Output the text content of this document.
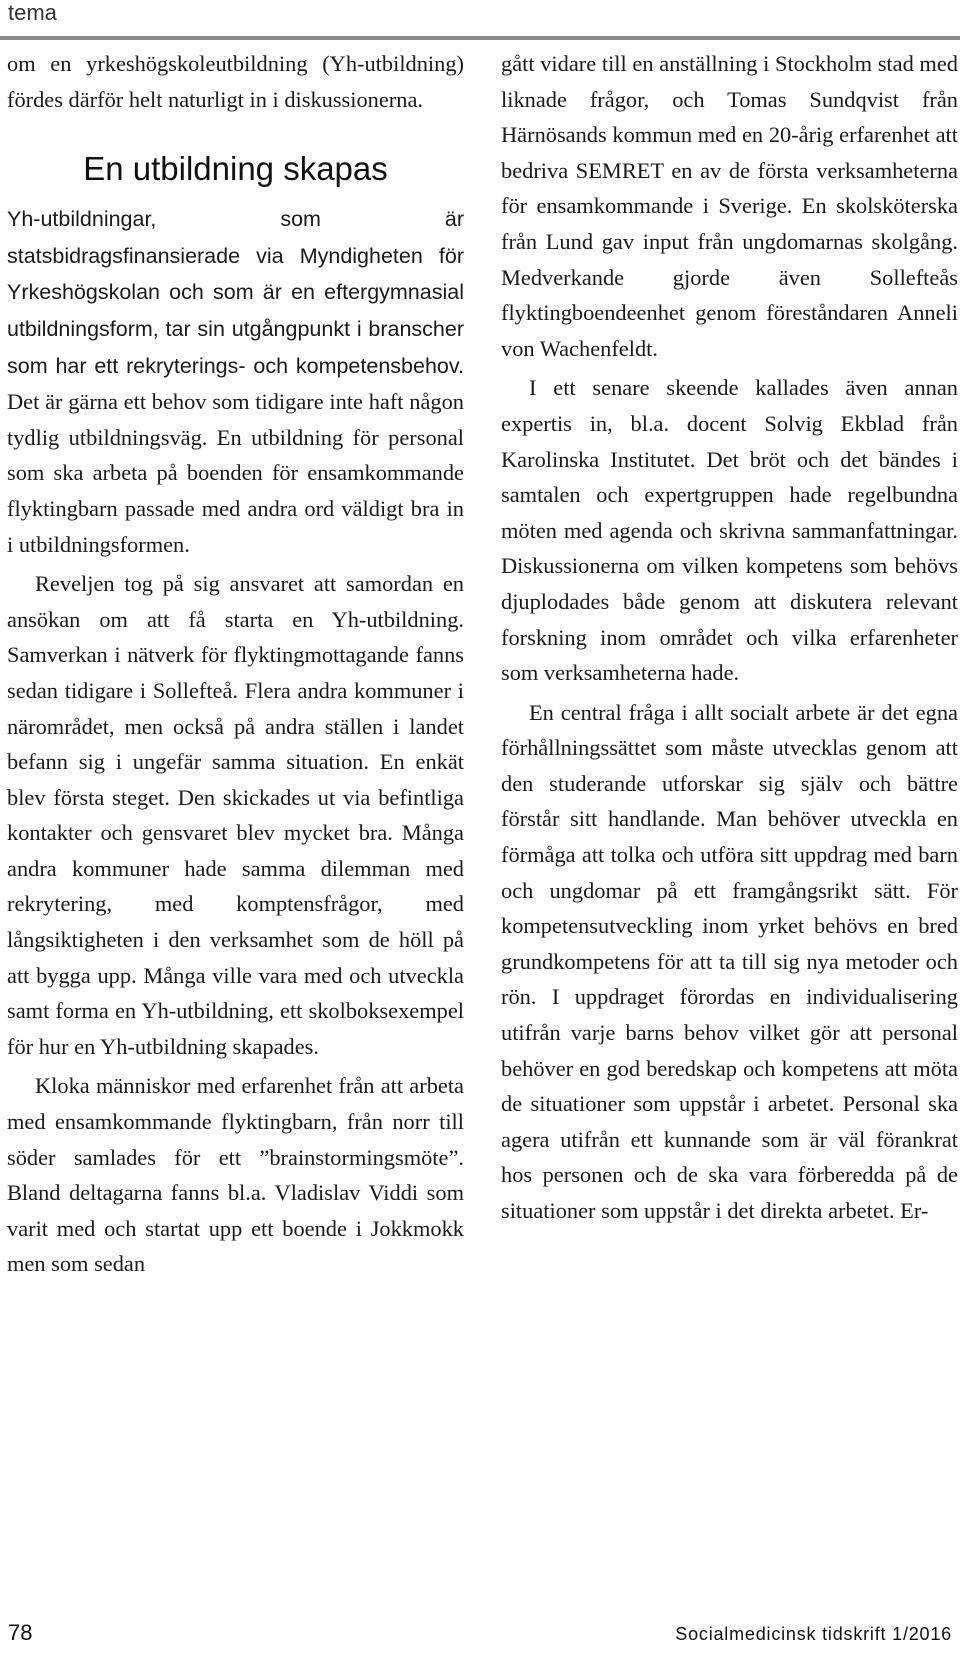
tema

om en yrkeshögskoleutbildning (Yh-utbildning) fördes därför helt naturligt in i diskussionerna.

En utbildning skapas

Yh-utbildningar, som är statsbidragsfinansierade via Myndigheten för Yrkeshögskolan och som är en eftergymnasial utbildningsform, tar sin utgångpunkt i branscher som har ett rekryterings- och kompetensbehov. Det är gärna ett behov som tidigare inte haft någon tydlig utbildningsväg. En utbildning för personal som ska arbeta på boenden för ensamkommande flyktingbarn passade med andra ord väldigt bra in i utbildningsformen.

Reveljen tog på sig ansvaret att samordan en ansökan om att få starta en Yh-utbildning. Samverkan i nätverk för flyktingmottagande fanns sedan tidigare i Sollefteå. Flera andra kommuner i närområdet, men också på andra ställen i landet befann sig i ungefär samma situation. En enkät blev första steget. Den skickades ut via befintliga kontakter och gensvaret blev mycket bra. Många andra kommuner hade samma dilemman med rekrytering, med komptensfrågor, med långsiktigheten i den verksamhet som de höll på att bygga upp. Många ville vara med och utveckla samt forma en Yh-utbildning, ett skolboksexempel för hur en Yh-utbildning skapades.

Kloka människor med erfarenhet från att arbeta med ensamkommande flyktingbarn, från norr till söder samlades för ett ”brainstormingsmöte”. Bland deltagarna fanns bl.a. Vladislav Viddi som varit med och startat upp ett boende i Jokkmokk men som sedan

gått vidare till en anställning i Stockholm stad med liknade frågor, och Tomas Sundqvist från Härnösands kommun med en 20-årig erfarenhet att bedriva SEMRET en av de första verksamheterna för ensamkommande i Sverige. En skolsköterska från Lund gav input från ungdomarnas skolgång. Medverkande gjorde även Sollefteås flyktingboendeenhet genom föreståndaren Anneli von Wachenfeldt.

I ett senare skeende kallades även annan expertis in, bl.a. docent Solvig Ekblad från Karolinska Institutet. Det bröt och det bändes i samtalen och expertgruppen hade regelbundna möten med agenda och skrivna sammanfattningar. Diskussionerna om vilken kompetens som behövs djuplodades både genom att diskutera relevant forskning inom området och vilka erfarenheter som verksamheterna hade.

En central fråga i allt socialt arbete är det egna förhållningssättet som måste utvecklas genom att den studerande utforskar sig själv och bättre förstår sitt handlande. Man behöver utveckla en förmåga att tolka och utföra sitt uppdrag med barn och ungdomar på ett framgångsrikt sätt. För kompetensutveckling inom yrket behövs en bred grundkompetens för att ta till sig nya metoder och rön. I uppdraget förordas en individualisering utifrån varje barns behov vilket gör att personal behöver en god beredskap och kompetens att möta de situationer som uppstår i arbetet. Personal ska agera utifrån ett kunnande som är väl förankrat hos personen och de ska vara förberedda på de situationer som uppstår i det direkta arbetet. Er-

78	Socialmedicinsk tidskrift 1/2016
